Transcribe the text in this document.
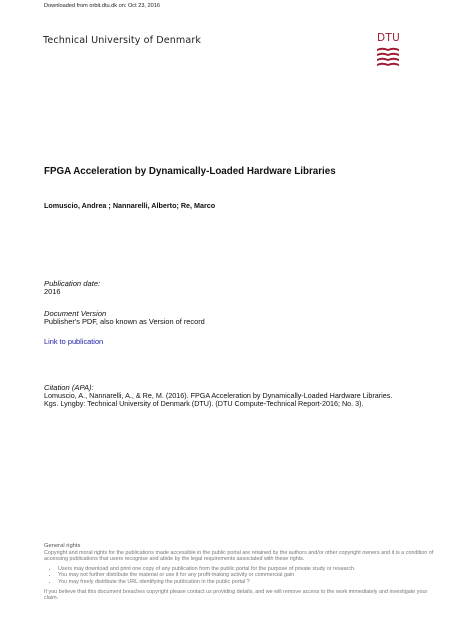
Downloaded from orbit.dtu.dk on: Oct 23, 2016
Technical University of Denmark	DTU
FPGA Acceleration by Dynamically-Loaded Hardware Libraries
Lomuscio, Andrea ; Nannarelli, Alberto; Re, Marco
Publication date:
2016
Document Version
Publisher's PDF, also known as Version of record
Link to publication
Citation (APA):
Lomuscio, A., Nannarelli, A., & Re, M. (2016). FPGA Acceleration by Dynamically-Loaded Hardware Libraries.
Kgs. Lyngby: Technical University of Denmark (DTU). (DTU Compute-Technical Report-2016; No. 3).
General rights
Copyright and moral rights for the publications made accessible in the public portal are retained by the authors and/or other copyright owners and it is a condition of accessing publications that users recognise and abide by the legal requirements associated with these rights.
• Users may download and print one copy of any publication from the public portal for the purpose of private study or research.
• You may not further distribute the material or use it for any profit-making activity or commercial gain
• You may freely distribute the URL identifying the publication in the public portal ?
If you believe that this document breaches copyright please contact us providing details, and we will remove access to the work immediately and investigate your claim.
